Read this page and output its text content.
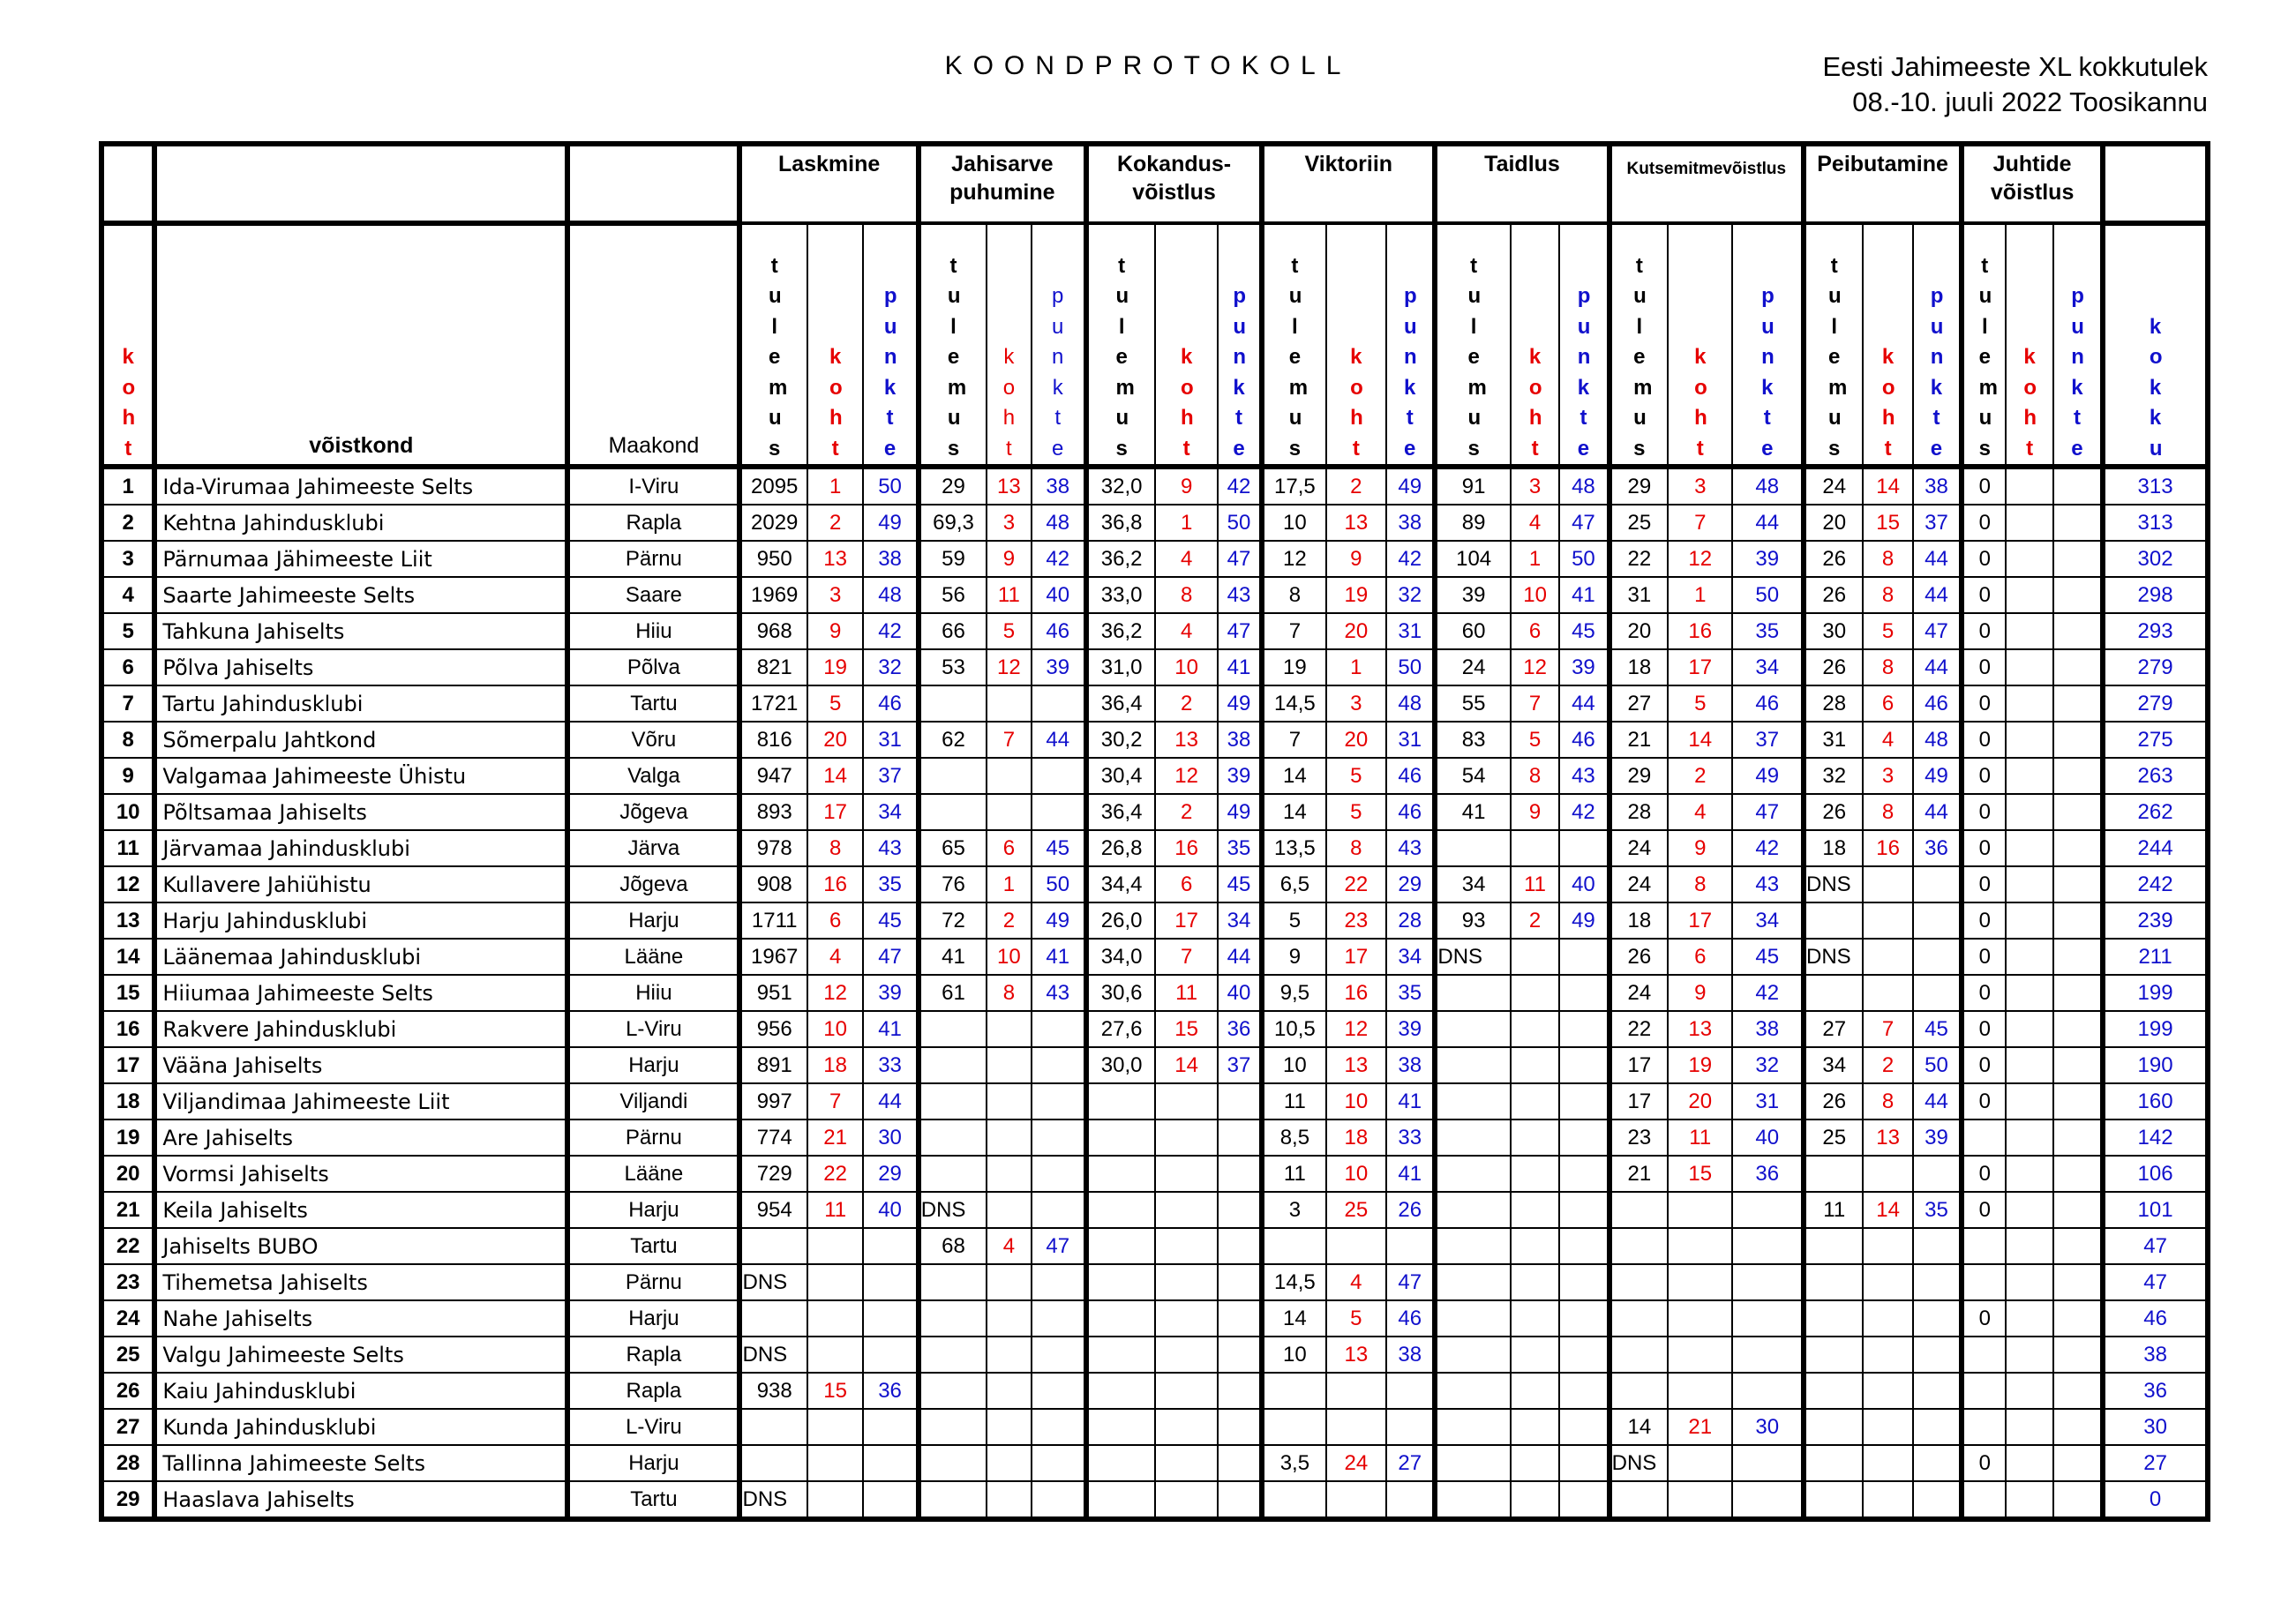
KOONDPROTOKOLL	Eesti Jahimeeste XL kokkutulek
08.-10. juuli 2022 Toosikannu
			Laskmine			Jahisarve puhumine			Kokandus-võistlus			Viktoriin			Taidlus			Kutsemitmevõistlus			Peibutamine			Juhtide võistlus			
koht	võistkond	Maakond	tulemus	koht	punkte	tulemus	koht	punkte	tulemus	koht	punkte	tulemus	koht	punkte	tulemus	koht	punkte	tulemus	koht	punkte	tulemus	koht	punkte	tulemus	koht	punkte	kokku
1	Ida-Virumaa Jahimeeste Selts	I-Viru	2095	1	50	29	13	38	32,0	9	42	17,5	2	49	91	3	48	29	3	48	24	14	38	0			313
2	Kehtna Jahindusklubi	Rapla	2029	2	49	69,3	3	48	36,8	1	50	10	13	38	89	4	47	25	7	44	20	15	37	0			313
3	Pärnumaa Jähimeeste Liit	Pärnu	950	13	38	59	9	42	36,2	4	47	12	9	42	104	1	50	22	12	39	26	8	44	0			302
4	Saarte Jahimeeste Selts	Saare	1969	3	48	56	11	40	33,0	8	43	8	19	32	39	10	41	31	1	50	26	8	44	0			298
5	Tahkuna Jahiselts	Hiiu	968	9	42	66	5	46	36,2	4	47	7	20	31	60	6	45	20	16	35	30	5	47	0			293
6	Põlva Jahiselts	Põlva	821	19	32	53	12	39	31,0	10	41	19	1	50	24	12	39	18	17	34	26	8	44	0			279
7	Tartu Jahindusklubi	Tartu	1721	5	46				36,4	2	49	14,5	3	48	55	7	44	27	5	46	28	6	46	0			279
8	Sõmerpalu Jahtkond	Võru	816	20	31	62	7	44	30,2	13	38	7	20	31	83	5	46	21	14	37	31	4	48	0			275
9	Valgamaa Jahimeeste Ühistu	Valga	947	14	37				30,4	12	39	14	5	46	54	8	43	29	2	49	32	3	49	0			263
10	Põltsamaa Jahiselts	Jõgeva	893	17	34				36,4	2	49	14	5	46	41	9	42	28	4	47	26	8	44	0			262
11	Järvamaa Jahindusklubi	Järva	978	8	43	65	6	45	26,8	16	35	13,5	8	43				24	9	42	18	16	36	0			244
12	Kullavere Jahiühistu	Jõgeva	908	16	35	76	1	50	34,4	6	45	6,5	22	29	34	11	40	24	8	43	DNS			0			242
13	Harju Jahindusklubi	Harju	1711	6	45	72	2	49	26,0	17	34	5	23	28	93	2	49	18	17	34				0			239
14	Läänemaa Jahindusklubi	Lääne	1967	4	47	41	10	41	34,0	7	44	9	17	34	DNS			26	6	45	DNS			0			211
15	Hiiumaa Jahimeeste Selts	Hiiu	951	12	39	61	8	43	30,6	11	40	9,5	16	35				24	9	42				0			199
16	Rakvere Jahindusklubi	L-Viru	956	10	41				27,6	15	36	10,5	12	39				22	13	38	27	7	45	0			199
17	Vääna Jahiselts	Harju	891	18	33				30,0	14	37	10	13	38				17	19	32	34	2	50	0			190
18	Viljandimaa Jahimeeste Liit	Viljandi	997	7	44							11	10	41				17	20	31	26	8	44	0			160
19	Are Jahiselts	Pärnu	774	21	30							8,5	18	33				23	11	40	25	13	39				142
20	Vormsi Jahiselts	Lääne	729	22	29							11	10	41				21	15	36				0			106
21	Keila Jahiselts	Harju	954	11	40	DNS						3	25	26							11	14	35	0			101
22	Jahiselts BUBO	Tartu				68	4	47																			47
23	Tihemetsa Jahiselts	Pärnu	DNS									14,5	4	47													47
24	Nahe Jahiselts	Harju										14	5	46										0			46
25	Valgu Jahimeeste Selts	Rapla	DNS									10	13	38													38
26	Kaiu Jahindusklubi	Rapla	938	15	36																						36
27	Kunda Jahindusklubi	L-Viru																14	21	30							30
28	Tallinna Jahimeeste Selts	Harju										3,5	24	27				DNS						0			27
29	Haaslava Jahiselts	Tartu	DNS																								0
